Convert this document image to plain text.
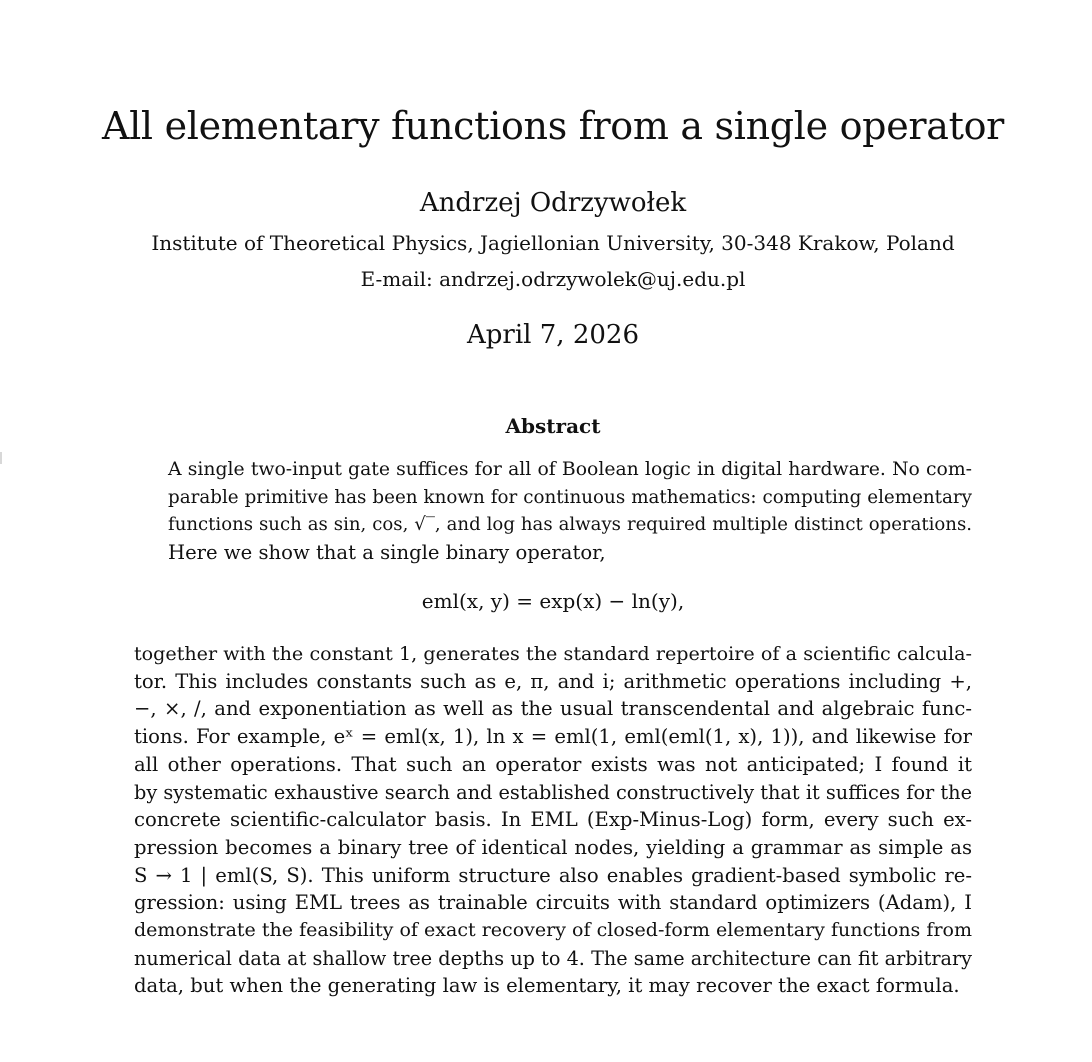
All elementary functions from a single operator
Andrzej Odrzywołek
Institute of Theoretical Physics, Jagiellonian University, 30-348 Krakow, Poland
E-mail: andrzej.odrzywolek@uj.edu.pl
April 7, 2026
Abstract
A single two-input gate suffices for all of Boolean logic in digital hardware. No com-
parable primitive has been known for continuous mathematics: computing elementary
functions such as sin, cos, √‾, and log has always required multiple distinct operations.
Here we show that a single binary operator,
eml(x, y) = exp(x) − ln(y),
together with the constant 1, generates the standard repertoire of a scientific calcula-
tor. This includes constants such as e, π, and i; arithmetic operations including +,
−, ×, /, and exponentiation as well as the usual transcendental and algebraic func-
tions. For example, eˣ = eml(x, 1), ln x = eml(1, eml(eml(1, x), 1)), and likewise for
all other operations. That such an operator exists was not anticipated; I found it
by systematic exhaustive search and established constructively that it suffices for the
concrete scientific-calculator basis. In EML (Exp-Minus-Log) form, every such ex-
pression becomes a binary tree of identical nodes, yielding a grammar as simple as
S → 1 | eml(S, S). This uniform structure also enables gradient-based symbolic re-
gression: using EML trees as trainable circuits with standard optimizers (Adam), I
demonstrate the feasibility of exact recovery of closed-form elementary functions from
numerical data at shallow tree depths up to 4. The same architecture can fit arbitrary
data, but when the generating law is elementary, it may recover the exact formula.
